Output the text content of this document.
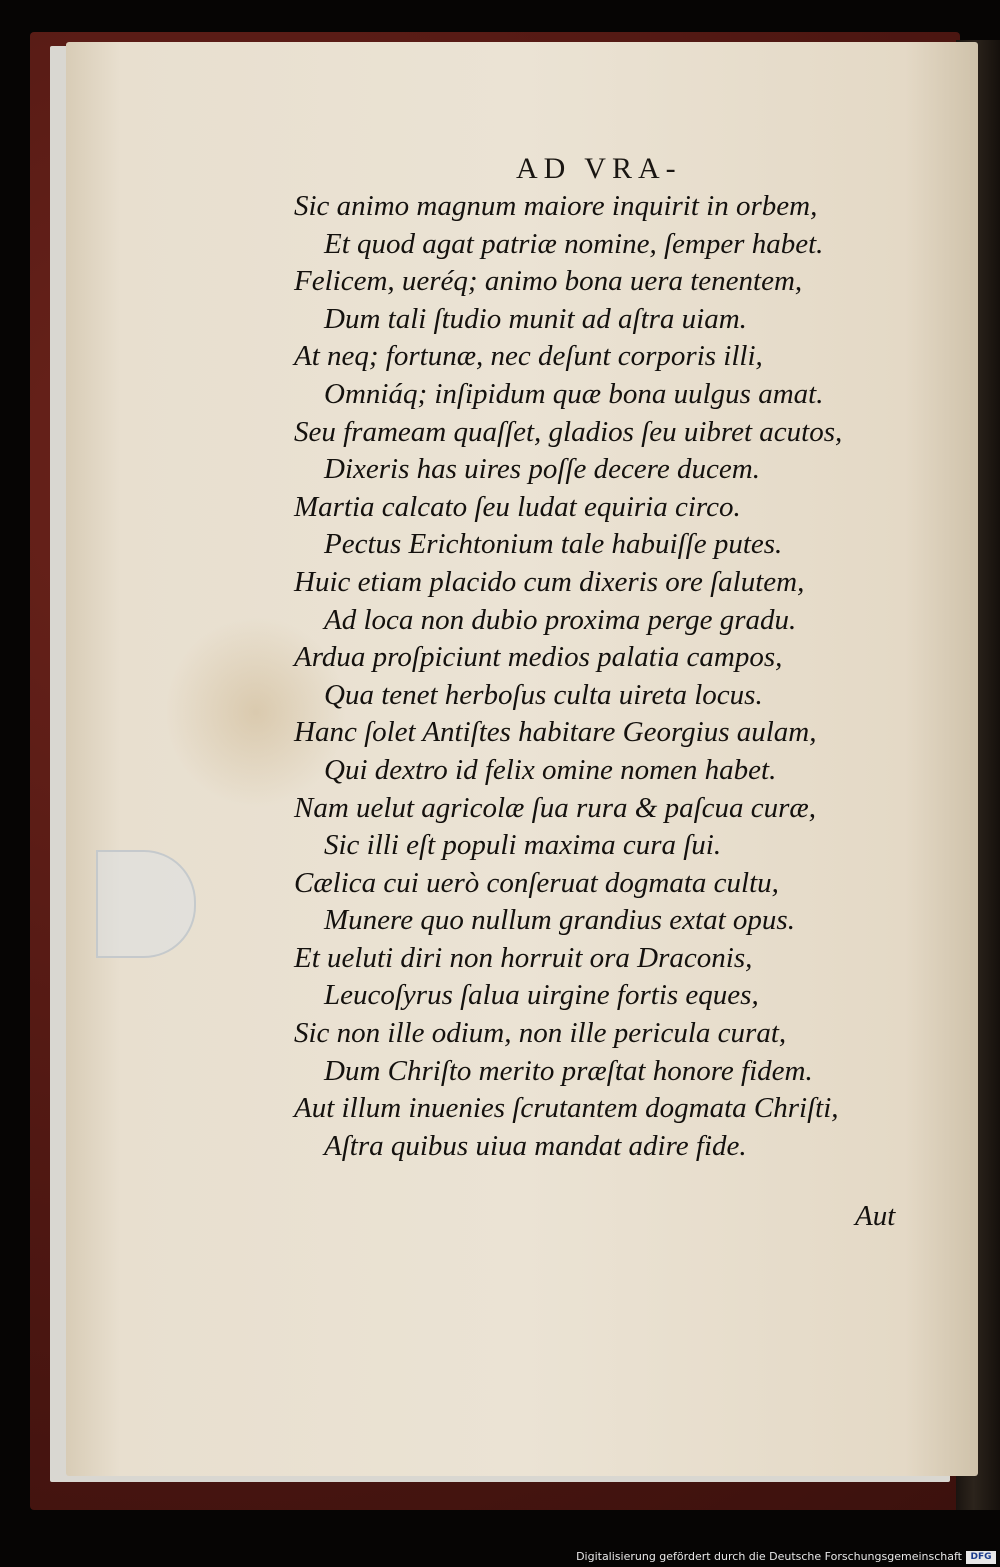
AD VRA-
Sic animo magnum maiore inquirit in orbem,
Et quod agat patriæ nomine, ſemper habet.
Felicem, ueréq; animo bona uera tenentem,
Dum tali ſtudio munit ad aſtra uiam.
At neq; fortunæ, nec deſunt corporis illi,
Omniáq; inſipidum quæ bona uulgus amat.
Seu frameam quaſſet, gladios ſeu uibret acutos,
Dixeris has uires poſſe decere ducem.
Martia calcato ſeu ludat equiria circo.
Pectus Erichtonium tale habuiſſe putes.
Huic etiam placido cum dixeris ore ſalutem,
Ad loca non dubio proxima perge gradu.
Ardua proſpiciunt medios palatia campos,
Qua tenet herboſus culta uireta locus.
Hanc ſolet Antiſtes habitare Georgius aulam,
Qui dextro id felix omine nomen habet.
Nam uelut agricolæ ſua rura & paſcua curæ,
Sic illi eſt populi maxima cura ſui.
Cælica cui uerò conſeruat dogmata cultu,
Munere quo nullum grandius extat opus.
Et ueluti diri non horruit ora Draconis,
Leucoſyrus ſalua uirgine fortis eques,
Sic non ille odium, non ille pericula curat,
Dum Chriſto merito præſtat honore fidem.
Aut illum inuenies ſcrutantem dogmata Chriſti,
Aſtra quibus uiua mandat adire fide.
Aut
Digitalisierung gefördert durch die Deutsche Forschungsgemeinschaft DFG
